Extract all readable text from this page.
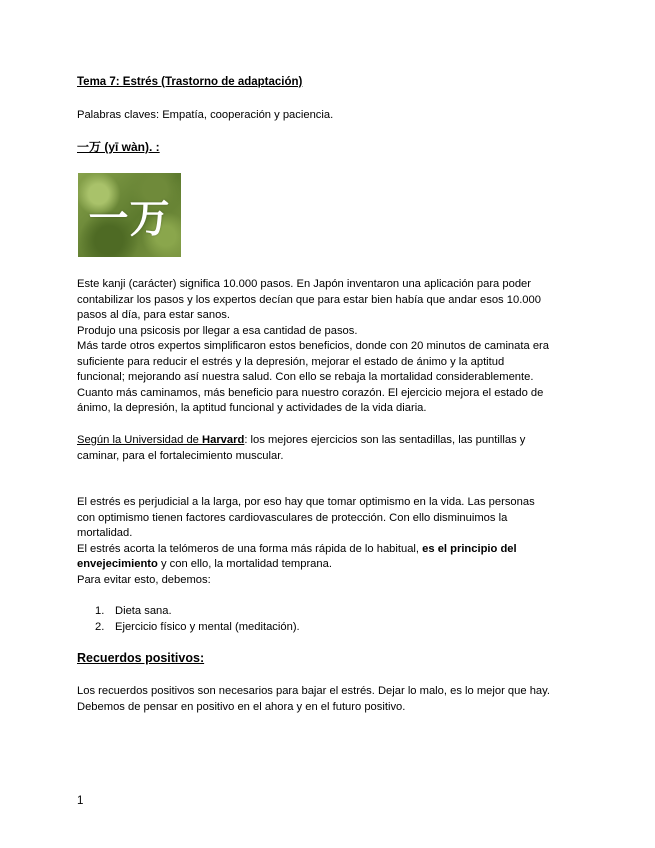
Tema 7: Estrés (Trastorno de adaptación)

Palabras claves: Empatía, cooperación y paciencia.

一万 (yī wàn). :
一万

Este kanji (carácter) significa 10.000 pasos. En Japón inventaron una aplicación para poder

contabilizar los pasos y los expertos decían que para estar bien había que andar esos 10.000

pasos al día, para estar sanos.

Produjo una psicosis por llegar a esa cantidad de pasos.

Más tarde otros expertos simplificaron estos beneficios, donde con 20 minutos de caminata era

suficiente para reducir el estrés y la depresión, mejorar el estado de ánimo y la aptitud

funcional; mejorando así nuestra salud. Con ello se rebaja la mortalidad considerablemente.

Cuanto más caminamos, más beneficio para nuestro corazón. El ejercicio mejora el estado de

ánimo, la depresión, la aptitud funcional y actividades de la vida diaria.

Según la Universidad de Harvard: los mejores ejercicios son las sentadillas, las puntillas y

caminar, para el fortalecimiento muscular.

El estrés es perjudicial a la larga, por eso hay que tomar optimismo en la vida. Las personas

con optimismo tienen factores cardiovasculares de protección. Con ello disminuimos la

mortalidad.

El estrés acorta la telómeros de una forma más rápida de lo habitual, es el principio del

envejecimiento y con ello, la mortalidad temprana.

Para evitar esto, debemos:

1. Dieta sana.

2. Ejercicio físico y mental (meditación).

Recuerdos positivos:

Los recuerdos positivos son necesarios para bajar el estrés. Dejar lo malo, es lo mejor que hay.

Debemos de pensar en positivo en el ahora y en el futuro positivo.

1
